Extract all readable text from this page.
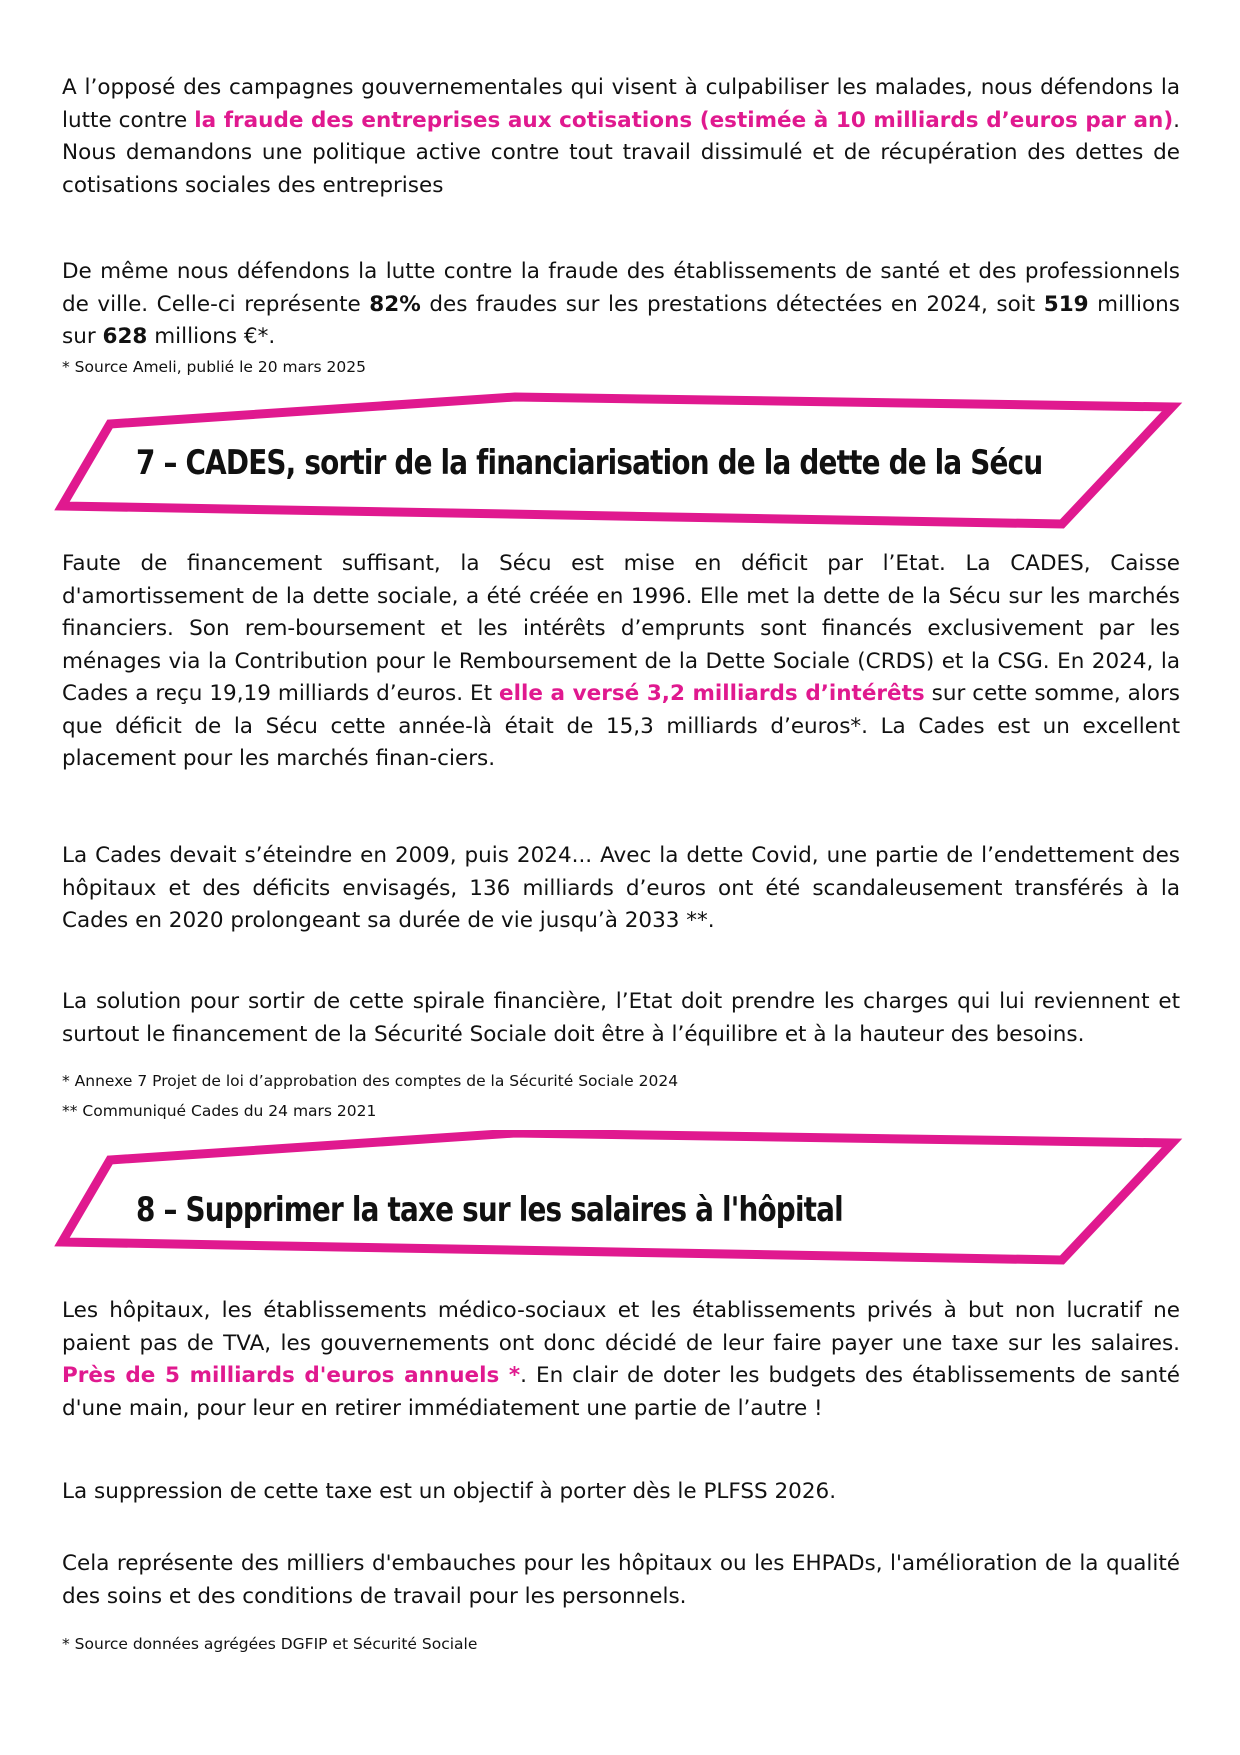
A l’opposé des campagnes gouvernementales qui visent à culpabiliser les malades, nous défendons la lutte contre la fraude des entreprises aux cotisations (estimée à 10 milliards d’euros par an). Nous demandons une politique active contre tout travail dissimulé et de récupération des dettes de cotisations sociales des entreprises

De même nous défendons la lutte contre la fraude des établissements de santé et des professionnels de ville. Celle-ci représente 82% des fraudes sur les prestations détectées en 2024, soit 519 millions sur 628 millions €*.

* Source Ameli, publié le 20 mars 2025

7 – CADES, sortir de la financiarisation de la dette de la Sécu

Faute de financement suffisant, la Sécu est mise en déficit par l’Etat. La CADES, Caisse d'amortissement de la dette sociale, a été créée en 1996. Elle met la dette de la Sécu sur les marchés financiers. Son rem-boursement et les intérêts d’emprunts sont financés exclusivement par les ménages via la Contribution pour le Remboursement de la Dette Sociale (CRDS) et la CSG. En 2024, la Cades a reçu 19,19 milliards d’euros. Et elle a versé 3,2 milliards d’intérêts sur cette somme, alors que déficit de la Sécu cette année-là était de 15,3 milliards d’euros*. La Cades est un excellent placement pour les marchés finan-ciers.

La Cades devait s’éteindre en 2009, puis 2024... Avec la dette Covid, une partie de l’endettement des hôpitaux et des déficits envisagés, 136 milliards d’euros ont été scandaleusement transférés à la Cades en 2020 prolongeant sa durée de vie jusqu’à 2033 **.

La solution pour sortir de cette spirale financière, l’Etat doit prendre les charges qui lui reviennent et surtout le financement de la Sécurité Sociale doit être à l’équilibre et à la hauteur des besoins.

* Annexe 7 Projet de loi d’approbation des comptes de la Sécurité Sociale 2024

** Communiqué Cades du 24 mars 2021

8 – Supprimer la taxe sur les salaires à l'hôpital

Les hôpitaux, les établissements médico-sociaux et les établissements privés à but non lucratif ne paient pas de TVA, les gouvernements ont donc décidé de leur faire payer une taxe sur les salaires. Près de 5 milliards d'euros annuels *. En clair de doter les budgets des établissements de santé d'une main, pour leur en retirer immédiatement une partie de l’autre !

La suppression de cette taxe est un objectif à porter dès le PLFSS 2026.

Cela représente des milliers d'embauches pour les hôpitaux ou les EHPADs, l'amélioration de la qualité des soins et des conditions de travail pour les personnels.

* Source données agrégées DGFIP et Sécurité Sociale
